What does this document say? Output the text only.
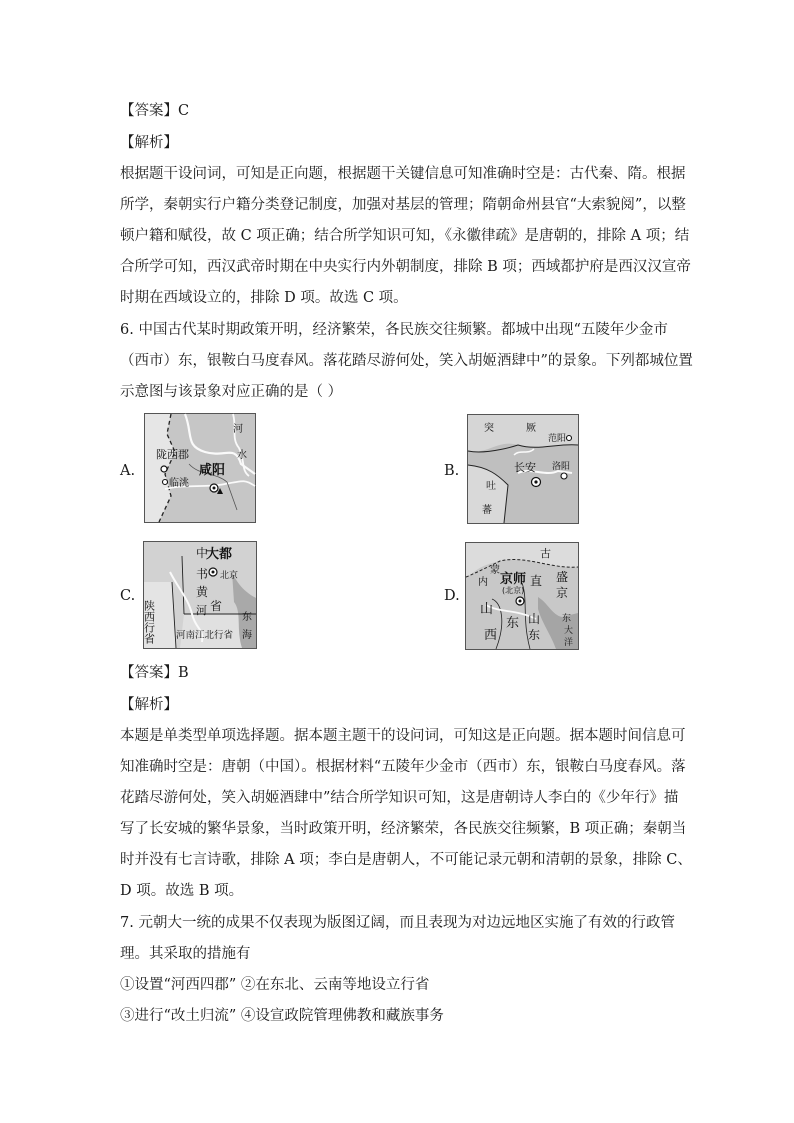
【答案】C
【解析】
根据题干设问词，可知是正向题，根据题干关键信息可知准确时空是：古代秦、隋。根据
所学，秦朝实行户籍分类登记制度，加强对基层的管理；隋朝命州县官“大索貌阅”，以整
顿户籍和赋役，故 C 项正确；结合所学知识可知，《永徽律疏》是唐朝的，排除 A 项；结
合所学可知，西汉武帝时期在中央实行内外朝制度，排除 B 项；西域都护府是西汉汉宣帝
时期在西域设立的，排除 D 项。故选 C 项。
6. 中国古代某时期政策开明，经济繁荣，各民族交往频繁。都城中出现“五陵年少金市
（西市）东，银鞍白马度春风。落花踏尽游何处，笑入胡姬酒肆中”的景象。下列都城位置
示意图与该景象对应正确的是（ ）
A.
陇西郡
临洮
咸阳
河
水
B.
突	厥
范阳
长安 洛阳
吐
蕃
C.
中
大都
北京
书
黄
省
河
陕西行省 河南江北行省
东
海
D.
古
内
蒙
京师
(北京)
直 盛
京
山
西
东 山
东
东
大
洋
【答案】B
【解析】
本题是单类型单项选择题。据本题主题干的设问词，可知这是正向题。据本题时间信息可
知准确时空是：唐朝（中国）。根据材料“五陵年少金市（西市）东，银鞍白马度春风。落
花踏尽游何处，笑入胡姬酒肆中”结合所学知识可知，这是唐朝诗人李白的《少年行》描
写了长安城的繁华景象，当时政策开明，经济繁荣，各民族交往频繁，B 项正确；秦朝当
时并没有七言诗歌，排除 A 项；李白是唐朝人，不可能记录元朝和清朝的景象，排除 C、
D 项。故选 B 项。
7. 元朝大一统的成果不仅表现为版图辽阔，而且表现为对边远地区实施了有效的行政管
理。其采取的措施有
①设置“河西四郡” ②在东北、云南等地设立行省
③进行“改土归流” ④设宣政院管理佛教和藏族事务
